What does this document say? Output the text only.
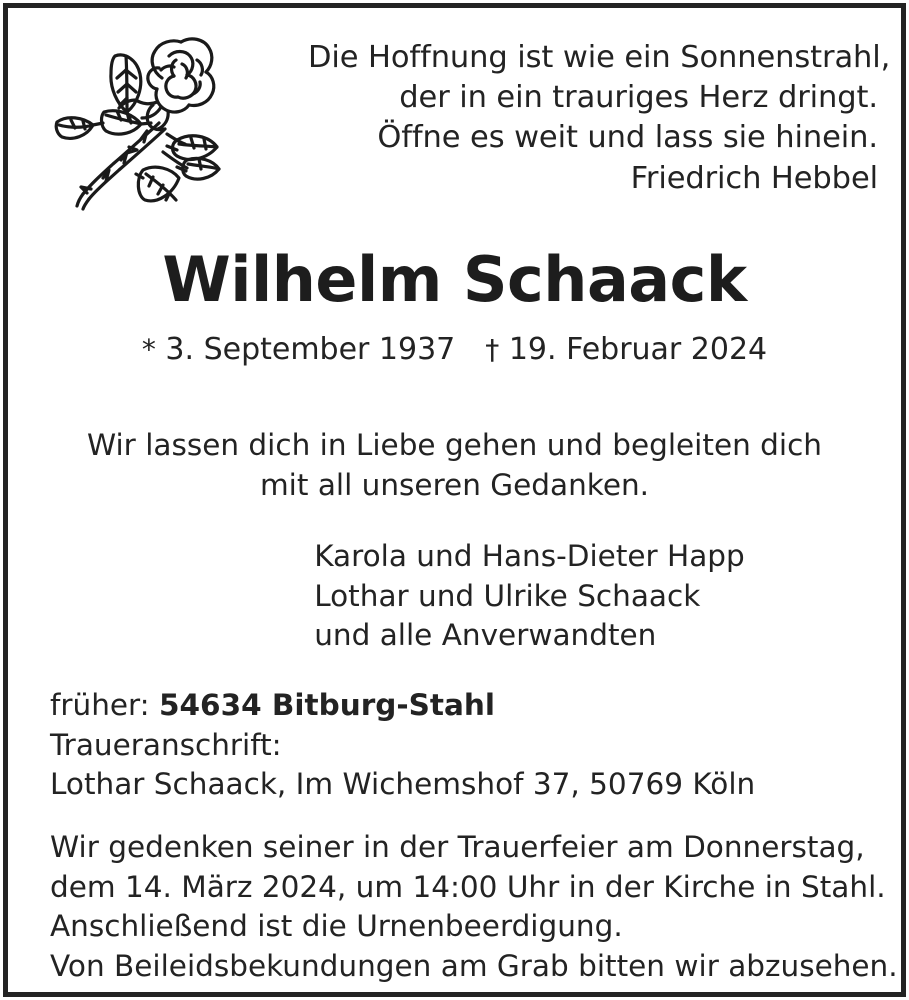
Die Hoffnung ist wie ein Sonnenstrahl,
der in ein trauriges Herz dringt.
Öffne es weit und lass sie hinein.
Friedrich Hebbel
Wilhelm Schaack
* 3. September 1937 † 19. Februar 2024
Wir lassen dich in Liebe gehen und begleiten dich
mit all unseren Gedanken.
Karola und Hans-Dieter Happ
Lothar und Ulrike Schaack
und alle Anverwandten
früher: 54634 Bitburg-Stahl
Traueranschrift:
Lothar Schaack, Im Wichemshof 37, 50769 Köln
Wir gedenken seiner in der Trauerfeier am Donnerstag,
dem 14. März 2024, um 14:00 Uhr in der Kirche in Stahl.
Anschließend ist die Urnenbeerdigung.
Von Beileidsbekundungen am Grab bitten wir abzusehen.
